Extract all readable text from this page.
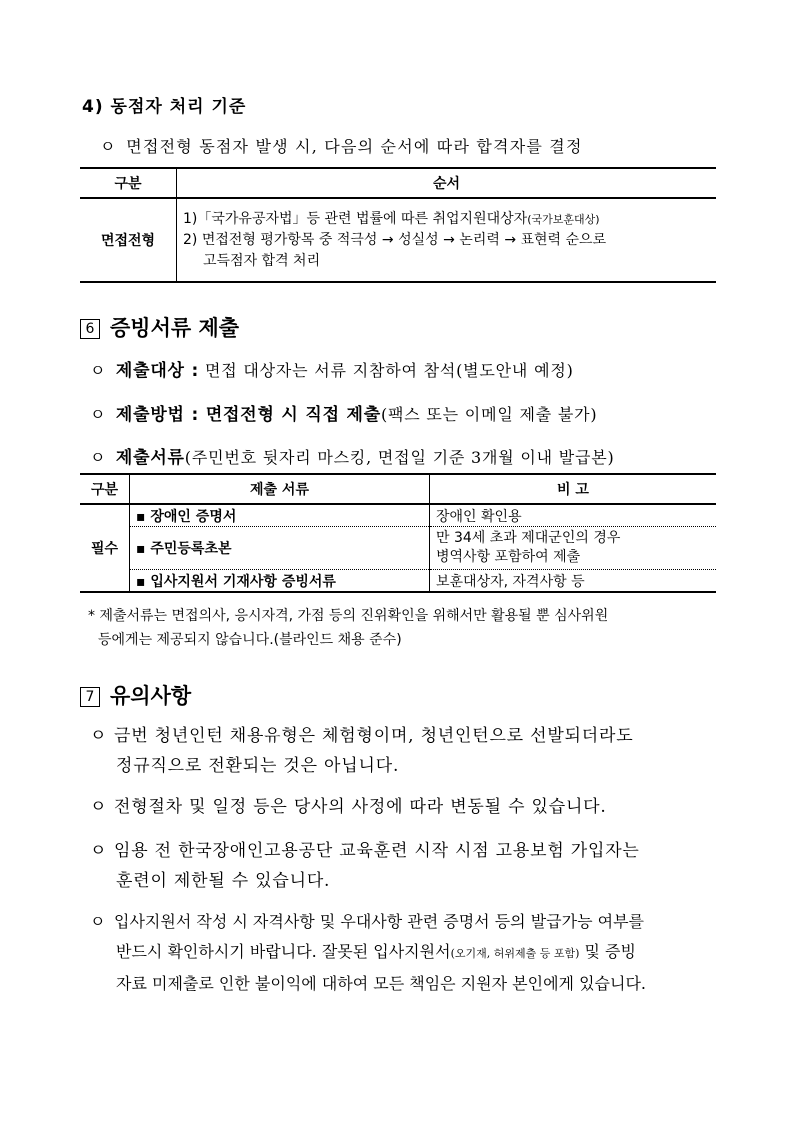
4) 동점자 처리 기준
ㅇ 면접전형 동점자 발생 시, 다음의 순서에 따라 합격자를 결정
구분	순서
면접전형	1)「국가유공자법」등 관련 법률에 따른 취업지원대상자(국가보훈대상)
2) 면접전형 평가항목 중 적극성 → 성실성 → 논리력 → 표현력 순으로
고득점자 합격 처리
6 증빙서류 제출
ㅇ 제출대상 : 면접 대상자는 서류 지참하여 참석(별도안내 예정)
ㅇ 제출방법 : 면접전형 시 직접 제출(팩스 또는 이메일 제출 불가)
ㅇ 제출서류(주민번호 뒷자리 마스킹, 면접일 기준 3개월 이내 발급본)
구분	제출 서류	비 고
필수	▪ 장애인 증명서	장애인 확인용
	▪ 주민등록초본	만 34세 초과 제대군인의 경우
병역사항 포함하여 제출

	▪ 입사지원서 기재사항 증빙서류	보훈대상자, 자격사항 등
* 제출서류는 면접의사, 응시자격, 가점 등의 진위확인을 위해서만 활용될 뿐 심사위원
등에게는 제공되지 않습니다.(블라인드 채용 준수)
7 유의사항
ㅇ 금번 청년인턴 채용유형은 체험형이며, 청년인턴으로 선발되더라도
정규직으로 전환되는 것은 아닙니다.
ㅇ 전형절차 및 일정 등은 당사의 사정에 따라 변동될 수 있습니다.
ㅇ 임용 전 한국장애인고용공단 교육훈련 시작 시점 고용보험 가입자는
훈련이 제한될 수 있습니다.
ㅇ 입사지원서 작성 시 자격사항 및 우대사항 관련 증명서 등의 발급가능 여부를
반드시 확인하시기 바랍니다. 잘못된 입사지원서(오기재, 허위제출 등 포함) 및 증빙
자료 미제출로 인한 불이익에 대하여 모든 책임은 지원자 본인에게 있습니다.
